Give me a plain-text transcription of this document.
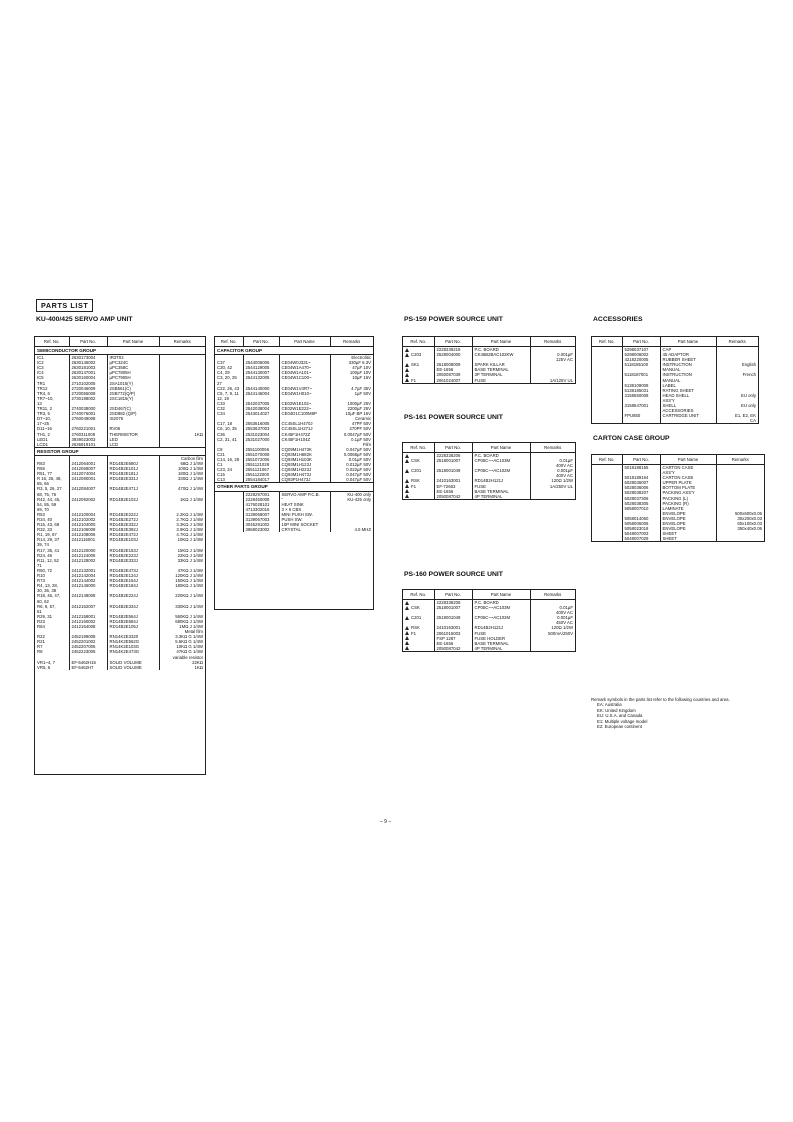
PARTS LIST
KU-400/425 SERVO AMP UNIT
Ref. No.	Part No.	Part Name	Remarks
SEMICONDUCTOR GROUP			
IC1	2630173004	IR3T02	
IC2	2630146002	µPC324C	
IC3	2630181003	µPC358C	
IC4	2630147001	µPC7805H	
IC5	2630160004	µPC7905H	
TR1	2710102005	2SA1015(Y)	
TR12	2720046009	2SB561(C)	
TR4, 6	2720055009	2SB772(Q/P)	
TR7~10,	2730198002	2SC1815(Y)	
13			
TR11, 2	2740038000	2SD467(C)	
TR3, 5	2740076001	2SD882 (Q/P)	
D7~10,	2760049008	IS2076	
17~25			
D11~16	2760221001	RV06	
TH1, 2	2760311008	THERMISTOR	1KΩ
LED1	3939023003	LED	
LCD1	2636919101	LCD	
RESISTOR GROUP			
			Carbon film
R63	2412064001	RD14B2E680J	68Ω J 1/4W
R65	2412068007	RD14B2E101J	100Ω J 1/4W
R51, 77	2412074004	RD14B2E181J	180Ω J 1/4W
R 16, 25, 48,	2412080001	RD14B2E331J	330Ω J 1/4W
65, 66			
R3, 5, 26, 27	2412084007	RD14B2E471J	470Ω J 1/4W
68, 75, 76			
R42, 44, 45,	2412092002	RD14B2E102J	1KΩ J 1/4W
54, 55, 59			
69, 70			
R53	2412100004	RD14B2E222J	2.2KΩ J 1/4W
R34, 40	2412102002	RD14B2E272J	2.7KΩ J 1/4W
R15, 43, 68	2412104000	RD14B2E332J	3.3KΩ J 1/4W
R32, 33	2412106008	RD14B2E392J	3.9KΩ J 1/4W
R1, 19, 67	2412108006	RD14B2E472J	4.7KΩ J 1/4W
R14, 29, 37	2412116001	RD14B2E103J	10KΩ J 1/4W
39, 74			
R17, 35, 41	2412120000	RD14B2E153J	15KΩ J 1/4W
R24, 46	2412124006	RD14B2E223J	22KΩ J 1/4W
R11, 12, 52	2412128002	RD14B2E333J	33KΩ J 1/4W
71			
R50, 72	2412132001	RD14B2E473J	47KΩ J 1/4W
R10	2412142004	RD14B2E124J	120KΩ J 1/4W
R73	2412144002	RD14B2E154J	150KΩ J 1/4W
R4, 13, 28,	2412146000	RD14B2E184J	180KΩ J 1/4W
30, 36, 38			
R18, 46, 47,	2412148008	RD14B2E224J	220KΩ J 1/4W
60, 62			
R6, 9, 57,	2412152007	RD14B2E334J	330KΩ J 1/4W
61			
R29, 31	2412158001	RD14B2E564J	560KΩ J 1/4W
R23	2412160002	RD14B2E684J	680KΩ J 1/4W
R64	2412164008	RD14B2E105J	1MΩ J 1/4W
			Metal film
R22	2452199008	RN14K2E3320	3.3KΩ G 1/4W
R21	2452201002	RN14K2E562G	5.6KΩ G 1/4W
R7	2452207006	RN14K2E103G	10KΩ G 1/4W
R8	2452223006	RN14K2E473G	47KΩ G 1/4W
			variable resistor
VR1~4, 7	EF-5462H15	SOLID VOLUME	22KΩ
VR5, 6	EF-5462H7	SOLID VOLUME	1KΩ
Ref. No.	Part No.	Part Name	Remarks
CAPACITOR GROUP			
			Electrolitic
C37	2544006006	CE04W0J331~	330µF 6.3V
C30, 42	2544129005	CE04W1A470~	47µF 10V
C4, 29	2544130007	CE04W1A101~	100µF 10V
C3, 20, 25	2544132005	CE04W1C100~	10µF 16V
27			
C22, 26, 43	2544140000	CE04W1V4R7~	4.7µF 35V
C5, 7, 9, 11	2544146004	CE04W1H010~	1µF 50V
12, 19			
C33	2542037005	CE02W1E102~	1000µF 25V
C32	2542038004	CE02W1E222~	2200µF 25V
C34	2543014027	CE04D1C100M8P	10µF BP 16V
			Ceramic
C17, 18	2553616005	CC45SL1H470J	47PF 50V
C6, 10, 35	2553637003	CC45SL1H271J	270PF 50V
C36	2531023004	CK45F1H472Z	0.0047µF 50V
C2, 31, 41	2531027000	CK45F1H104Z	0.1µF 50V
			Film
C8	2551100056	CQ09M1H473K	0.047µF 50V
C21	2551070008	CQ93M1H682K	0.0068µF 50V
C14, 16, 28	2551072006	CQ93M1H103K	0.01µF 50V
C1	2551121028	CQ93M1H123J	0.012µF 50V
C23, 24	2551121067	CQ93M1H223J	0.022µF 50V
C15	2551122000	CQ93M1H473J	0.047µF 50V
C13	2554184017	CQ93P1H473J	0.047µF 50V
OTHER PARTS GROUP			
	2228297001	SERVO AMP P.C.B.	KU-400 only
	2228450008	"	KU-425 only
	4176028101	HEAT SINK	
	4713302016	3 × 6 CBS	
	3139068007	MINI PUSH SW.	
	3139067003	PUSH SW.	
	3045291002	10P MINI SOCKET	
	3968023002	CRYSTAL	4.5 MHZ
PS-159 POWER SOURCE UNIT
Ref. No.	Part No.	Part Name	Remarks
	2228339219	P.C. BOARD	
C203	2528004000	CK45B2BAC102KW	0.001µF
			125V AC
SK1	2618008009	SPARK KILLAR	
	EE-1656	BASE TERMINAL	
	2050087039	3P TERMINAL	
F1	2061024007	FUSE	1A/125V UL
PS-161 POWER SOURCE UNIT
Ref. No.	Part No.	Part Name	Remarks
	2228338206	P.C. BOARD	
CSK	2518001007	CP05C~~AC103M	0.01µF
			400V AC
C201	2518001049	CP05C~~AC102M	0.001µF
			400V AC
RSK	2410163001	RD14B2H121J	120Ω 1/2W
F1	EF-72663	FUSE	1A/250V UL
	EE-1656	BASE TERMINAL	
	2050087042	4P TERMINAL	
PS-160 POWER SOURCE UNIT
Ref. No.	Part No.	Part Name	Remarks
	2228338206	P.C. BOARD	
CSK	2518001007	CP05C~~AC103M	0.01µF
			400V AC
C201	2518001049	CP05C~~AC102M	0.001µF
			450V AC
RSK	2410163001	RD14B2H121J	120Ω 1/2W
F1	2061015003	FUSE	500mA/250V
	FSP 1287	FUSE HOLDER	
	EE-1656	BASE TERMINAL	
	2050087042	4P TERMINAL	
ACCESSORIES
Ref. No.	Part No.	Part Name	Remarks
	5298037107	CAP	
	5298006002	45 ADAPTOR	
	4218220005	RUBBER SHEET	
	5118185100	INSTRUCTION	English
		MANUAL	
	5118187001	INSTRUCTION	French
		MANUAL	
	5138109008	LABEL	
	5138185031	RATING SHEET	
	3158550008	HEAD SHELL	EU only
		ASS'Y	
	3158547001	SHELL	EU only
		ACCESSORIES	
	FPU850	CARTRIDGE UNIT	E1, E2, EK
			CA
CARTON CASE GROUP
Ref. No.	Part No.	Part Name	Remarks
	5018188155	CARTON CASE	
		ASS'Y	
	5018189164	CARTON CASE	
	5028036007	UPPER PLATE	
	5028036006	BOTTOM PLATE	
	5028038207	PACKING ASS'Y	
	5028037306	PACKING (L)	
	5028038305	PACKING (R)	
	5058007010	LAMINATE	
		ENVELOPE	500x600x0.06
	5058014050	ENVELOPE	30x200x0.03
	5058006006	ENVELOPE	60x100x0.03
	5058023018	ENVELOPE	350x40x0.06
	5048007003	SHEET	
	5048007029	SHEET	
Remark symbols in the parts list refer to the following countries and area.
EA: Australia
EK: United Kingdom
EU: U.S.A. and Canada
E1: Multiple voltage model
E2: European continent
– 9 –
